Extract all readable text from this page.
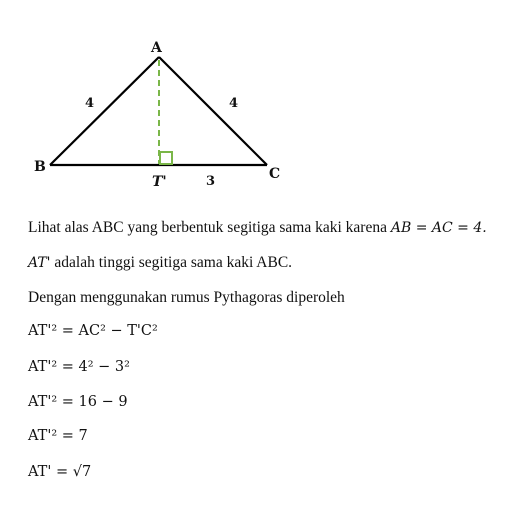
A
B	C
T'
4	4
3

Lihat alas ABC yang berbentuk segitiga sama kaki karena AB = AC = 4.

AT' adalah tinggi segitiga sama kaki ABC.

Dengan menggunakan rumus Pythagoras diperoleh

AT'² = AC² − T'C²

AT'² = 4² − 3²

AT'² = 16 − 9

AT'² = 7

AT' = √7
